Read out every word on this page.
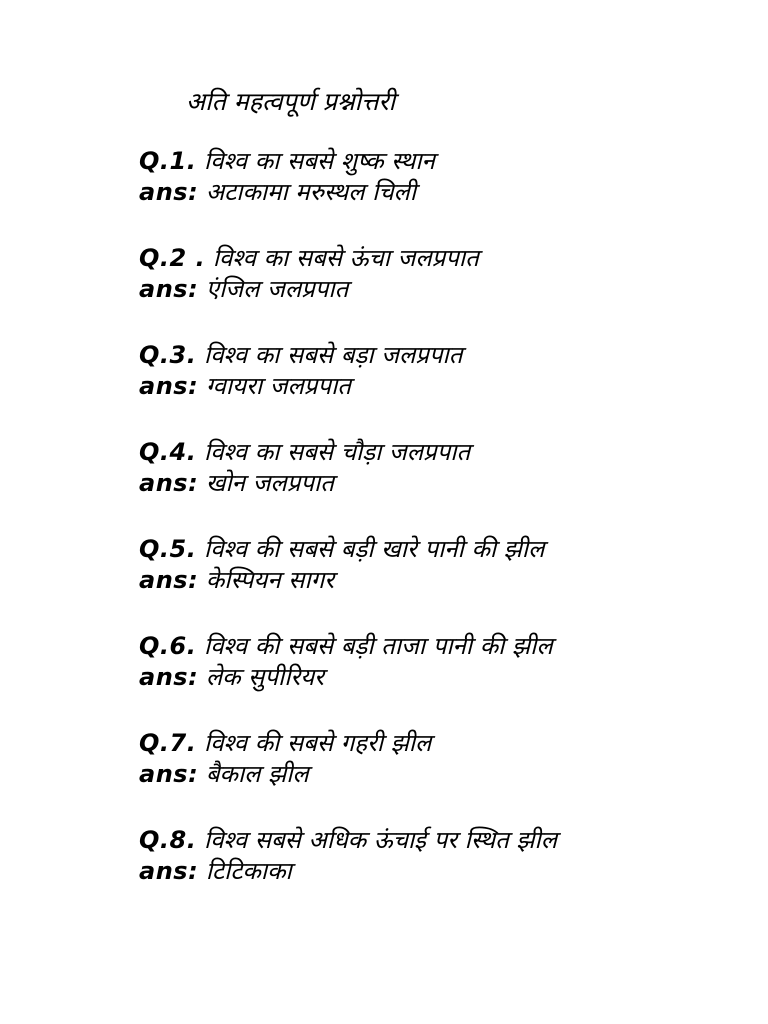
अति महत्वपूर्ण प्रश्नोत्तरी
Q.1. विश्व का सबसे शुष्क स्थान
ans: अटाकामा मरुस्थल चिली
Q.2 . विश्व का सबसे ऊंचा जलप्रपात
ans: एंजिल जलप्रपात
Q.3. विश्व का सबसे बड़ा जलप्रपात
ans: ग्वायरा जलप्रपात
Q.4. विश्व का सबसे चौड़ा जलप्रपात
ans: खोन जलप्रपात
Q.5. विश्व की सबसे बड़ी खारे पानी की झील
ans: केस्पियन सागर
Q.6. विश्व की सबसे बड़ी ताजा पानी की झील
ans: लेक सुपीरियर
Q.7. विश्व की सबसे गहरी झील
ans: बैकाल झील
Q.8. विश्व सबसे अधिक ऊंचाई पर स्थित झील
ans: टिटिकाका
